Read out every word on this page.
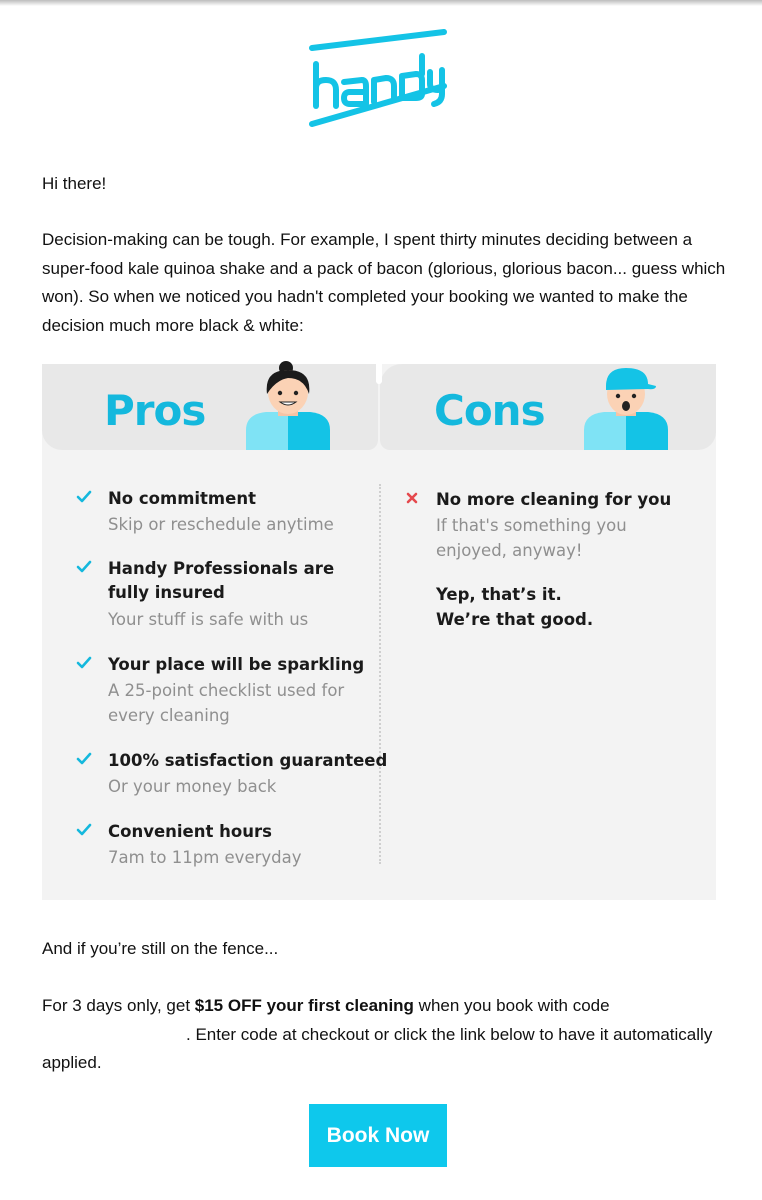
Hi there!

Decision-making can be tough. For example, I spent thirty minutes deciding between a super-food kale quinoa shake and a pack of bacon (glorious, glorious bacon... guess which won). So when we noticed you hadn't completed your booking we wanted to make the decision much more black & white:

Pros	Cons
No commitment
Skip or reschedule anytime
Handy Professionals are
fully insured
Your stuff is safe with us
Your place will be sparkling
A 25-point checklist used for
every cleaning
100% satisfaction guaranteed
Or your money back
Convenient hours
7am to 11pm everyday
No more cleaning for you
If that's something you
enjoyed, anyway!
Yep, that’s it.
We’re that good.

And if you’re still on the fence...

For 3 days only, get $15 OFF your first cleaning when you book with code
. Enter code at checkout or click the link below to have it automatically applied.

Book Now
